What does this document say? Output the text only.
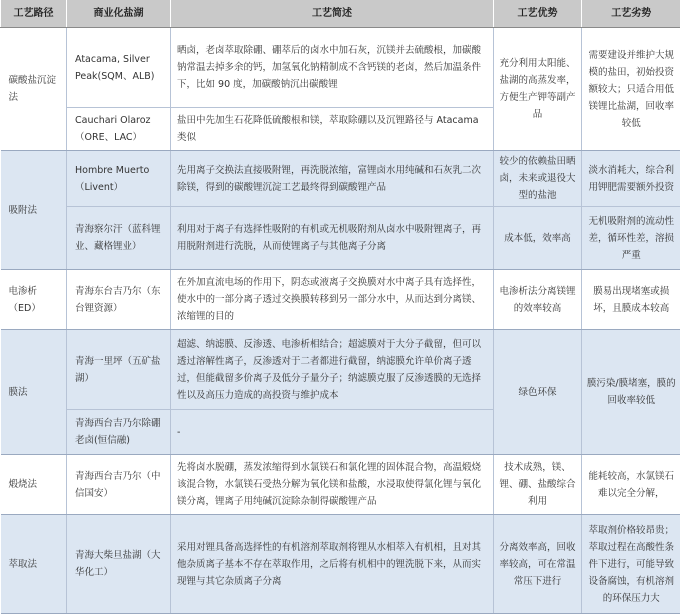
工艺路径	商业化盐湖	工艺简述	工艺优势	工艺劣势
碳酸盐沉淀法	Atacama, Silver Peak(SQM、ALB)	晒卤，老卤萃取除硼、硼萃后的卤水中加石灰，沉镁并去硫酸根，加碳酸钠常温去掉多余的钙，加氢氧化钠精制成不含钙镁的老卤，然后加温条件下，比如 90 度，加碳酸钠沉出碳酸锂	充分利用太阳能、盐湖的高蒸发率，方便生产钾等副产品	需要建设并维护大规模的盐田，初始投资额较大；只适合用低镁锂比盐湖，回收率较低
	Cauchari Olaroz（ORE、LAC）	盐田中先加生石花降低硫酸根和镁，萃取除硼以及沉锂路径与 Atacama 类似		
吸附法	Hombre Muerto（Livent）	先用离子交换法直接吸附锂，再洗脱浓缩，富锂卤水用纯碱和石灰乳二次除镁，得到的碳酸锂沉淀工艺最终得到碳酸锂产品	较少的依赖盐田晒卤，未来或退役大型的盐池	淡水消耗大，综合利用钾肥需要额外投资
	青海察尔汗（蓝科锂业、藏格锂业）	利用对于离子有选择性吸附的有机或无机吸附剂从卤水中吸附锂离子，再用脱附剂进行洗脱，从而使锂离子与其他离子分离	成本低，效率高	无机吸附剂的流动性差，循环性差，溶损严重
电渗析（ED）	青海东台吉乃尔（东台锂资源）	在外加直流电场的作用下，阴态或液离子交换膜对水中离子具有选择性，使水中的一部分离子透过交换膜转移到另一部分水中，从而达到分离镁、浓缩锂的目的	电渗析法分离镁锂的效率较高	膜易出现堵塞或损坏，且膜成本较高
膜法	青海一里坪（五矿盐湖）	超滤、纳滤膜、反渗透、电渗析相结合；超滤膜对于大分子截留，但可以透过溶解性离子，反渗透对于二者都进行截留，纳滤膜允许单价离子透过，但能截留多价离子及低分子量分子；纳滤膜克服了反渗透膜的无选择性以及高压力造成的高投资与维护成本	绿色环保	膜污染/膜堵塞，膜的回收率较低
	青海西台吉乃尔除硼老卤(恒信融)	-		
煅烧法	青海西台吉乃尔（中信国安）	先将卤水脱硼，蒸发浓缩得到水氯镁石和氯化锂的固体混合物，高温煅烧该混合物，水氯镁石受热分解为氧化镁和盐酸，水浸取使得氯化锂与氧化镁分离，锂离子用纯碱沉淀除杂制得碳酸锂产品	技术成熟，镁、锂、硼、盐酸综合利用	能耗较高，水氯镁石难以完全分解，
萃取法	青海大柴旦盐湖（大华化工）	采用对锂具备高选择性的有机溶剂萃取剂将锂从水相萃入有机相，且对其他杂质离子基本不存在萃取作用，之后将有机相中的锂洗脱下来，从而实现锂与其它杂质离子分离	分离效率高，回收率较高，可在常温常压下进行	萃取剂价格较昂贵；萃取过程在高酸性条件下进行，可能导致设备腐蚀，有机溶剂的环保压力大
